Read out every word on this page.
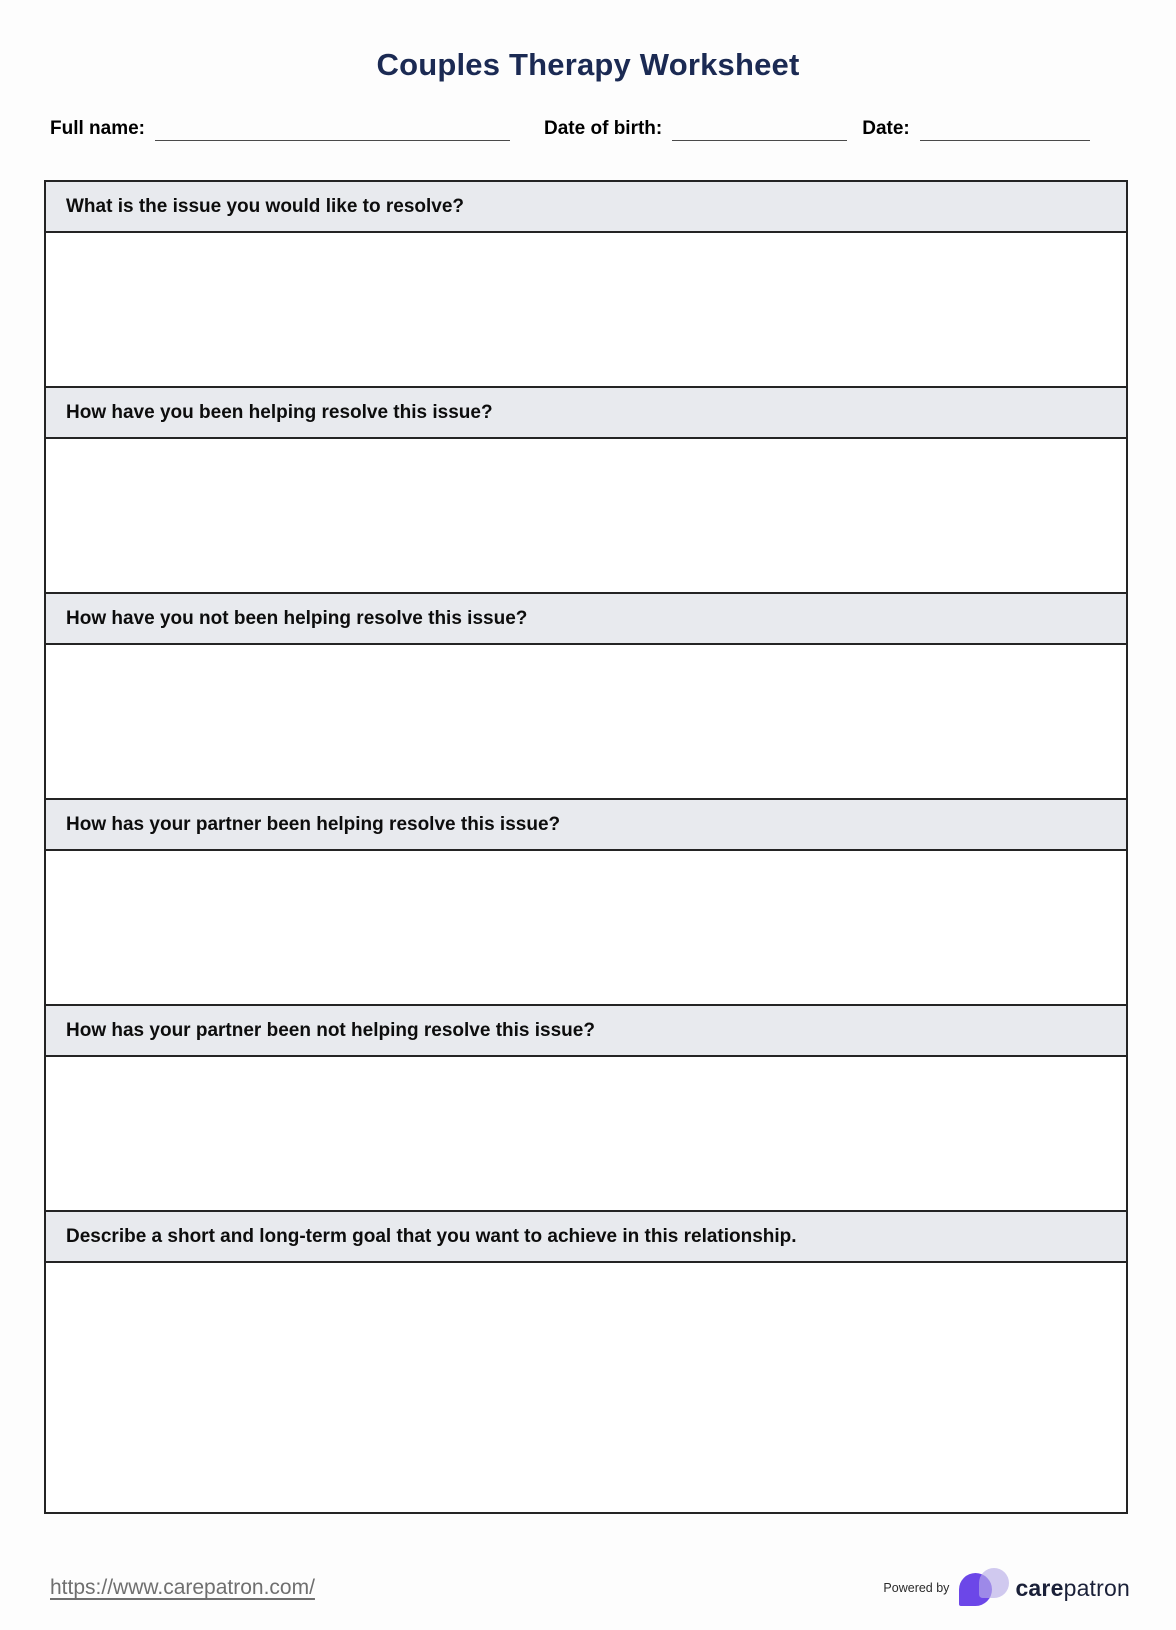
Couples Therapy Worksheet
Full name:	Date of birth:	Date:
What is the issue you would like to resolve?
How have you been helping resolve this issue?
How have you not been helping resolve this issue?
How has your partner been helping resolve this issue?
How has your partner been not helping resolve this issue?
Describe a short and long-term goal that you want to achieve in this relationship.
https://www.carepatron.com/	Powered by	carepatron
